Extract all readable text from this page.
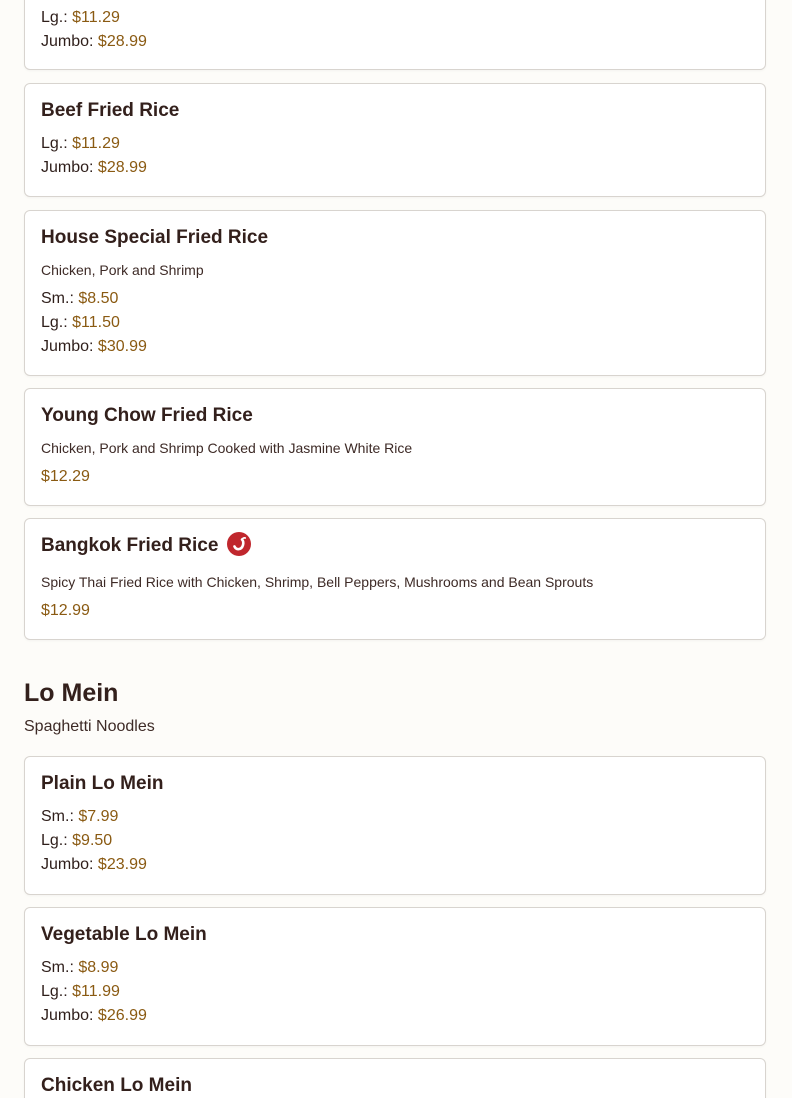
Lg.: $11.29
Jumbo: $28.99
Beef Fried Rice
Lg.: $11.29
Jumbo: $28.99
House Special Fried Rice
Chicken, Pork and Shrimp
Sm.: $8.50
Lg.: $11.50
Jumbo: $30.99
Young Chow Fried Rice
Chicken, Pork and Shrimp Cooked with Jasmine White Rice
$12.29
Bangkok Fried Rice
Spicy Thai Fried Rice with Chicken, Shrimp, Bell Peppers, Mushrooms and Bean Sprouts
$12.99
Lo Mein
Spaghetti Noodles
Plain Lo Mein
Sm.: $7.99
Lg.: $9.50
Jumbo: $23.99
Vegetable Lo Mein
Sm.: $8.99
Lg.: $11.99
Jumbo: $26.99
Chicken Lo Mein
